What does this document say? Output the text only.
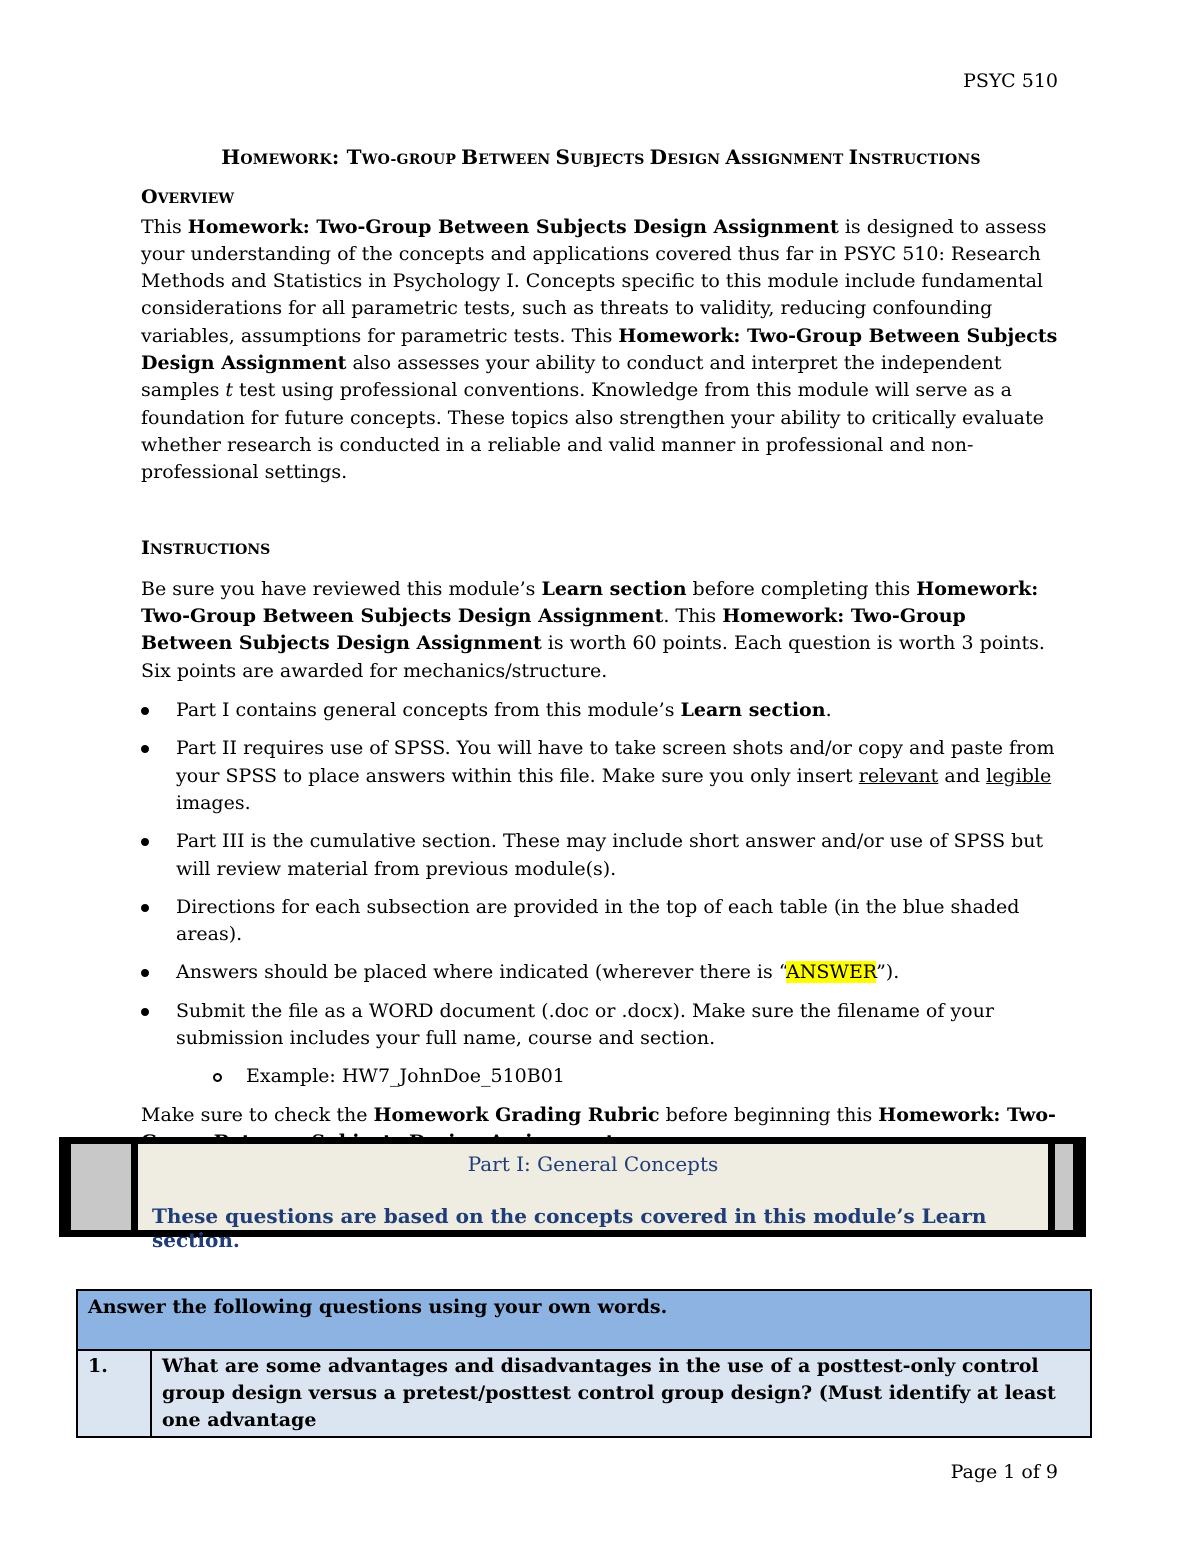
PSYC 510
HOMEWORK: TWO-GROUP BETWEEN SUBJECTS DESIGN ASSIGNMENT INSTRUCTIONS
OVERVIEW

This Homework: Two-Group Between Subjects Design Assignment is designed to assess your understanding of the concepts and applications covered thus far in PSYC 510: Research Methods and Statistics in Psychology I. Concepts specific to this module include fundamental considerations for all parametric tests, such as threats to validity, reducing confounding variables, assumptions for parametric tests. This Homework: Two-Group Between Subjects Design Assignment also assesses your ability to conduct and interpret the independent samples t test using professional conventions. Knowledge from this module will serve as a foundation for future concepts. These topics also strengthen your ability to critically evaluate whether research is conducted in a reliable and valid manner in professional and non-professional settings.

INSTRUCTIONS

Be sure you have reviewed this module’s Learn section before completing this Homework: Two-Group Between Subjects Design Assignment. This Homework: Two-Group Between Subjects Design Assignment is worth 60 points. Each question is worth 3 points. Six points are awarded for mechanics/structure.

Part I contains general concepts from this module’s Learn section.
Part II requires use of SPSS. You will have to take screen shots and/or copy and paste from your SPSS to place answers within this file. Make sure you only insert relevant and legible images.
Part III is the cumulative section. These may include short answer and/or use of SPSS but will review material from previous module(s).
Directions for each subsection are provided in the top of each table (in the blue shaded areas).
Answers should be placed where indicated (wherever there is “ANSWER”).
Submit the file as a WORD document (.doc or .docx). Make sure the filename of your submission includes your full name, course and section.
Example: HW7_JohnDoe_510B01

Make sure to check the Homework Grading Rubric before beginning this Homework: Two-

Part I: General Concepts
These questions are based on the concepts covered in this module’s Learn section.
Answer the following questions using your own words.
1.	What are some advantages and disadvantages in the use of a posttest-only control group design versus a pretest/posttest control group design? (Must identify at least one advantage
Page 1 of 9
